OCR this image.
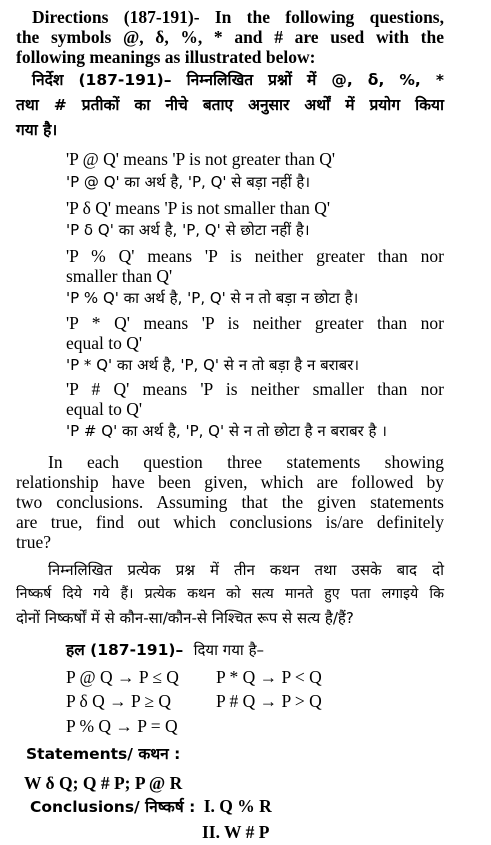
Directions (187-191)- In the following questions,

the symbols @, δ, %, * and # are used with the

following meanings as illustrated below:

निर्देश (187-191)– निम्नलिखित प्रश्नों में @, δ, %, *

तथा # प्रतीकों का नीचे बताए अनुसार अर्थों में प्रयोग किया

गया है।

'P @ Q' means 'P is not greater than Q'

'P @ Q' का अर्थ है, 'P, Q' से बड़ा नहीं है।

'P δ Q' means 'P is not smaller than Q'

'P δ Q' का अर्थ है, 'P, Q' से छोटा नहीं है।

'P % Q' means 'P is neither greater than nor

smaller than Q'

'P % Q' का अर्थ है, 'P, Q' से न तो बड़ा न छोटा है।

'P * Q' means 'P is neither greater than nor

equal to Q'

'P * Q' का अर्थ है, 'P, Q' से न तो बड़ा है न बराबर।

'P # Q' means 'P is neither smaller than nor

equal to Q'

'P # Q' का अर्थ है, 'P, Q' से न तो छोटा है न बराबर है ।

In each question three statements showing

relationship have been given, which are followed by

two conclusions. Assuming that the given statements

are true, find out which conclusions is/are definitely

true?

निम्नलिखित प्रत्येक प्रश्न में तीन कथन तथा उसके बाद दो

निष्कर्ष दिये गये हैं। प्रत्येक कथन को सत्य मानते हुए पता लगाइये कि

दोनों निष्कर्षों में से कौन-सा/कौन-से निश्चित रूप से सत्य है/हैं?

हल (187-191)– दिया गया है–

P @ Q → P ≤ Q P * Q → P < Q

P δ Q → P ≥ Q	P # Q → P > Q

P % Q → P = Q

Statements/ कथन :

W δ Q; Q # P; P @ R

Conclusions/ निष्कर्ष : I. Q % R

II. W # P
